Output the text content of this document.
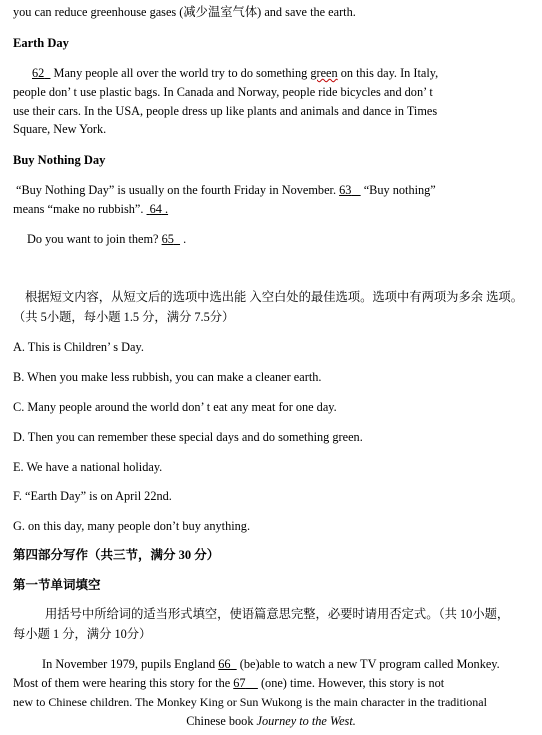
you can reduce greenhouse gases (减少温室气体) and save the earth.
Earth Day
62   Many people all over the world try to do something green on this day. In Italy,
people don’ t use plastic bags. In Canada and Norway, people ride bicycles and don’ t
use their cars. In the USA, people dress up like plants and animals and dance in Times
Square, New York.
Buy Nothing Day
“Buy Nothing Day” is usually on the fourth Friday in November. 63    “Buy nothing”
means “make no rubbish”.  64 .
Do you want to join them? 65   .
根据短文内容，从短文后的选项中选出能 入空白处的最佳选项。选项中有两项为多余 选项。
（共 5小题，每小题 1.5 分，满分 7.5分）
A. This is Children’ s Day.
B. When you make less rubbish, you can make a cleaner earth.
C. Many people around the world don’ t eat any meat for one day.
D. Then you can remember these special days and do something green.
E. We have a national holiday.
F. “Earth Day” is on April 22nd.
G. on this day, many people don’t buy anything.
第四部分写作（共三节，满分 30 分）
第一节单词填空
用括号中所给词的适当形式填空，使语篇意思完整，必要时请用否定式。（共 10小题，
每小题 1 分，满分 10分）
In November 1979, pupils England 66   (be)able to watch a new TV program called Monkey.
Most of them were hearing this story for the 67     (one) time. However, this story is not
new to Chinese children. The Monkey King or Sun Wukong is the main character in the traditional
Chinese book Journey to the West.
